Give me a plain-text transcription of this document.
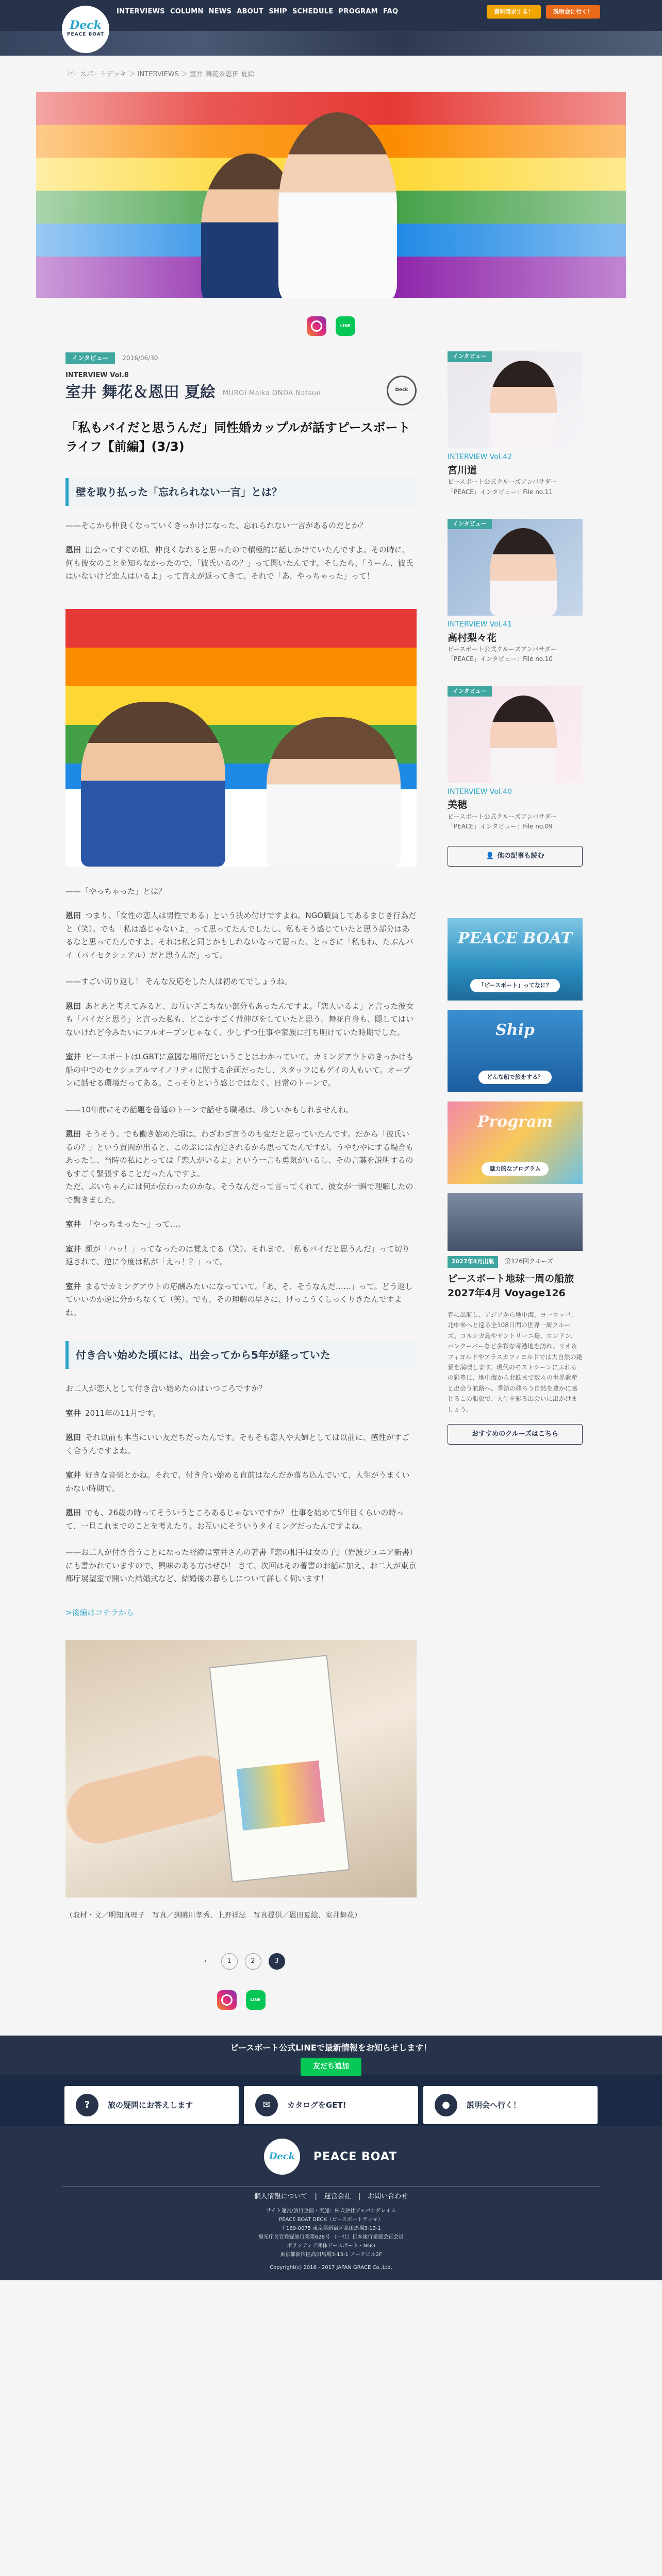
Deck
PEACE BOAT
INTERVIEWS COLUMN NEWS ABOUT SHIP SCHEDULE PROGRAM FAQ	資料請求する！	説明会に行く！
ピースボートデッキ ＞ INTERVIEWS ＞ 室井 舞花＆恩田 夏絵
LINE
インタビュー 2016/06/30
INTERVIEW Vol.8
室井 舞花＆恩田 夏絵 MUROI Maika ONDA Natsue	Deck
「私もバイだと思うんだ」同性婚カップルが話すピースボートライフ【前編】(3/3)
壁を取り払った「忘れられない一言」とは？

——そこから仲良くなっていくきっかけになった、忘れられない一言があるのだとか？

恩田 出会ってすぐの頃、仲良くなれると思ったので積極的に話しかけていたんですよ。その時に、何も彼女のことを知らなかったので、「彼氏いるの？」って聞いたんです。そしたら、「うーん、彼氏はいないけど恋人はいるよ」って言えが返ってきて。それで「あ、やっちゃった」って！

——「やっちゃった」とは？

恩田 つまり、「女性の恋人は男性である」という決め付けですよね。NGO職員してあるまじき行為だと（笑）。でも「私は感じゃないよ」って思ってたんでしたし、私もそう感じていたと思う部分はあるなと思ってたんですよ。それは私と同じかもしれないなって思った、とっさに「私もね、たぶんバイ（バイセクシュアル）だと思うんだ」って。

——すごい切り返し！ そんな反応をした人は初めてでしょうね。

恩田 あとあと考えてみると、お互いざこちない部分もあったんですよ。「恋人いるよ」と言った彼女も「バイだと思う」と言った私も、どこかすごく背伸びをしていたと思う。舞花自身も、隠してはいないけれど今みたいにフルオープンじゃなく、少しずつ仕事や家族に打ち明けていた時期でした。

室井 ピースボートはLGBTに意図な場所だということはわかっていて。カミングアウトのきっかけも船の中でのセクシュアルマイノリティに関する企画だったし、スタッフにもゲイの人もいて。オープンに話せる環境だってある。こっそりという感じではなく、日常のトーンで。

——10年前にその話題を普通のトーンで話せる職場は、珍しいかもしれませんね。

恩田 そうそう。でも働き始めた頃は、わざわざ言うのも変だと思っていたんです。だから「彼氏いるの？」という質問が出ると、このぶには否定されるから思ってたんですが。うやむやにする場合もあったし、当時の私にとっては「恋人がいるよ」という一言も勇気がいるし、その言葉を説明するのもすごく緊張することだったんですよ。
ただ、ぶいちゃんには何か伝わったのかな。そうなんだって言ってくれて、彼女が一瞬で理解したので驚きました。

室井 「やっちまった〜」って…。

室井 顔が「ハッ！」ってなったのは覚えてる（笑）。それまで、「私もバイだと思うんだ」って切り返されて、逆に今度は私が「えっ！？」って。

室井 まるでカミングアウトの応酬みたいになっていて。「あ、そ、そうなんだ……」って。どう返していいのか逆に分からなくて（笑）。でも、その理解の早さに、けっこうくしっくりきたんですよね。

付き合い始めた頃には、出会ってから5年が経っていた

お二人が恋人として付き合い始めたのはいつごろですか？

室井 2011年の11月です。

恩田 それ以前も本当にいい友だちだったんです。そもそも恋人や夫婦としては以前に、感性がすごく合うんですよね。

室井 好きな音楽とかね。それで、付き合い始める直前はなんだか落ち込んでいて、人生がうまくいかない時期で。

恩田 でも、26歳の時ってそういうところあるじゃないですか？ 仕事を始めて5年目くらいの時って、一旦これまでのことを考えたり。お互いにそういうタイミングだったんですよね。

——お二人が付き合うことになった経緯は室井さんの著書『恋の相手は女の子』（岩波ジュニア新書）にも書かれていますので、興味のある方はぜひ！ さて、次回はその著書のお話に加え、お二人が東京都庁展望室で開いた結婚式など、結婚後の暮らしについて詳しく伺います！

>後編はコチラから

（取材・文／明知真理子　写真／到暁川孝秀、上野祥法　写真提供／恩田夏絵、室井舞花）

‹	1	2	3
LINE
インタビュー
INTERVIEW Vol.42
宮川道
ピースボート公式クルーズアンバサダー「PEACE」インタビュー：File no.11
インタビュー
INTERVIEW Vol.41
高村梨々花
ピースボート公式クルーズアンバサダー「PEACE」インタビュー：File no.10
インタビュー
INTERVIEW Vol.40
美穂
ピースボート公式クルーズアンバサダー「PEACE」インタビュー：File no.09
👤 他の記事も読む
PEACE BOAT
「ピースボート」ってなに？
Ship
どんな船で旅をする？
Program
魅力的なプログラム
2027年4月出航 第126回クルーズ
ピースボート地球一周の船旅 2027年4月 Voyage126
春に出航し、アジアから地中海、ヨーロッパ、北中米へと巡る全108日間の世界一周クルーズ。コルシカ島やサントリーニ島、ロンドン、バンクーバーなど多彩な寄港地を訪れ、リオ＆フィヨルドやアラスカフィヨルドでは大自然の絶景を満喫します。現代のモストシーンにふれるの彩豊に、地中海から北欧まで数々の世界遺産と出会う航路へ。季節の移ろう自然を豊かに感じるこの船旅で、人生を彩る出会いに出かけましょう。
おすすめのクルーズはこちら
ピースボート公式LINEで最新情報をお知らせします！
友だち追加
?	旅の疑問にお答えします	✉	カタログをGET!	●	説明会へ行く！
Deck	PEACE BOAT
個人情報について | 運営会社 | お問い合わせ
サイト運営/旅行企画・実施：株式会社ジャパングレイス
PEACE BOAT DECK（ピースボートデッキ）
〒169-0075 東京都新宿区高田馬場3-13-1
観光庁長官登録旅行業第626号 （一社）日本旅行業協会正会員
ボランティア団体ピースボート・NGO
東京都新宿区高田馬場3-13-1 ノークビル2F
Copyright(c) 2016 - 2017 JAPAN GRACE Co.,Ltd.
